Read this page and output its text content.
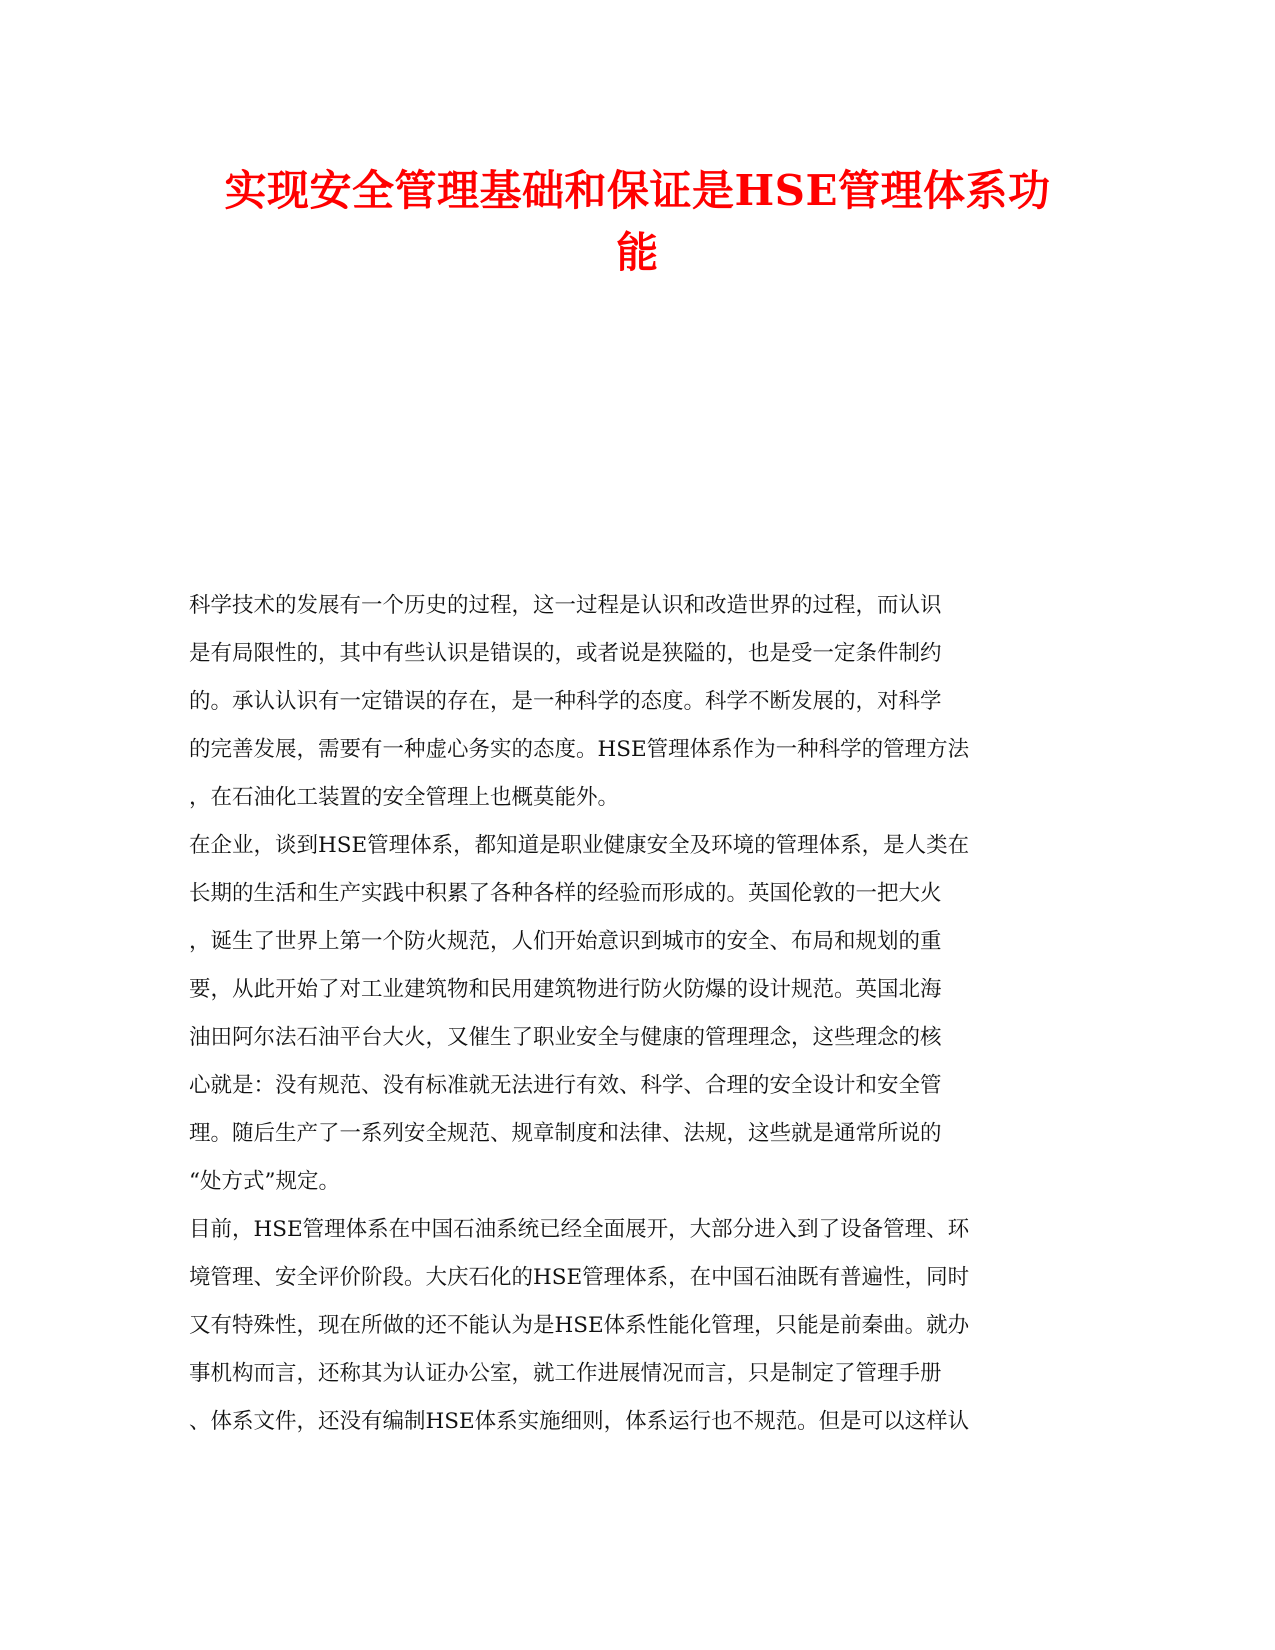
实现安全管理基础和保证是HSE管理体系功
能
科学技术的发展有一个历史的过程，这一过程是认识和改造世界的过程，而认识
是有局限性的，其中有些认识是错误的，或者说是狭隘的，也是受一定条件制约
的。承认认识有一定错误的存在，是一种科学的态度。科学不断发展的，对科学
的完善发展，需要有一种虚心务实的态度。HSE管理体系作为一种科学的管理方法
，在石油化工装置的安全管理上也概莫能外。
在企业，谈到HSE管理体系，都知道是职业健康安全及环境的管理体系，是人类在
长期的生活和生产实践中积累了各种各样的经验而形成的。英国伦敦的一把大火
，诞生了世界上第一个防火规范，人们开始意识到城市的安全、布局和规划的重
要，从此开始了对工业建筑物和民用建筑物进行防火防爆的设计规范。英国北海
油田阿尔法石油平台大火，又催生了职业安全与健康的管理理念，这些理念的核
心就是：没有规范、没有标准就无法进行有效、科学、合理的安全设计和安全管
理。随后生产了一系列安全规范、规章制度和法律、法规，这些就是通常所说的
“处方式”规定。
目前，HSE管理体系在中国石油系统已经全面展开，大部分进入到了设备管理、环
境管理、安全评价阶段。大庆石化的HSE管理体系，在中国石油既有普遍性，同时
又有特殊性，现在所做的还不能认为是HSE体系性能化管理，只能是前秦曲。就办
事机构而言，还称其为认证办公室，就工作进展情况而言，只是制定了管理手册
、体系文件，还没有编制HSE体系实施细则，体系运行也不规范。但是可以这样认
